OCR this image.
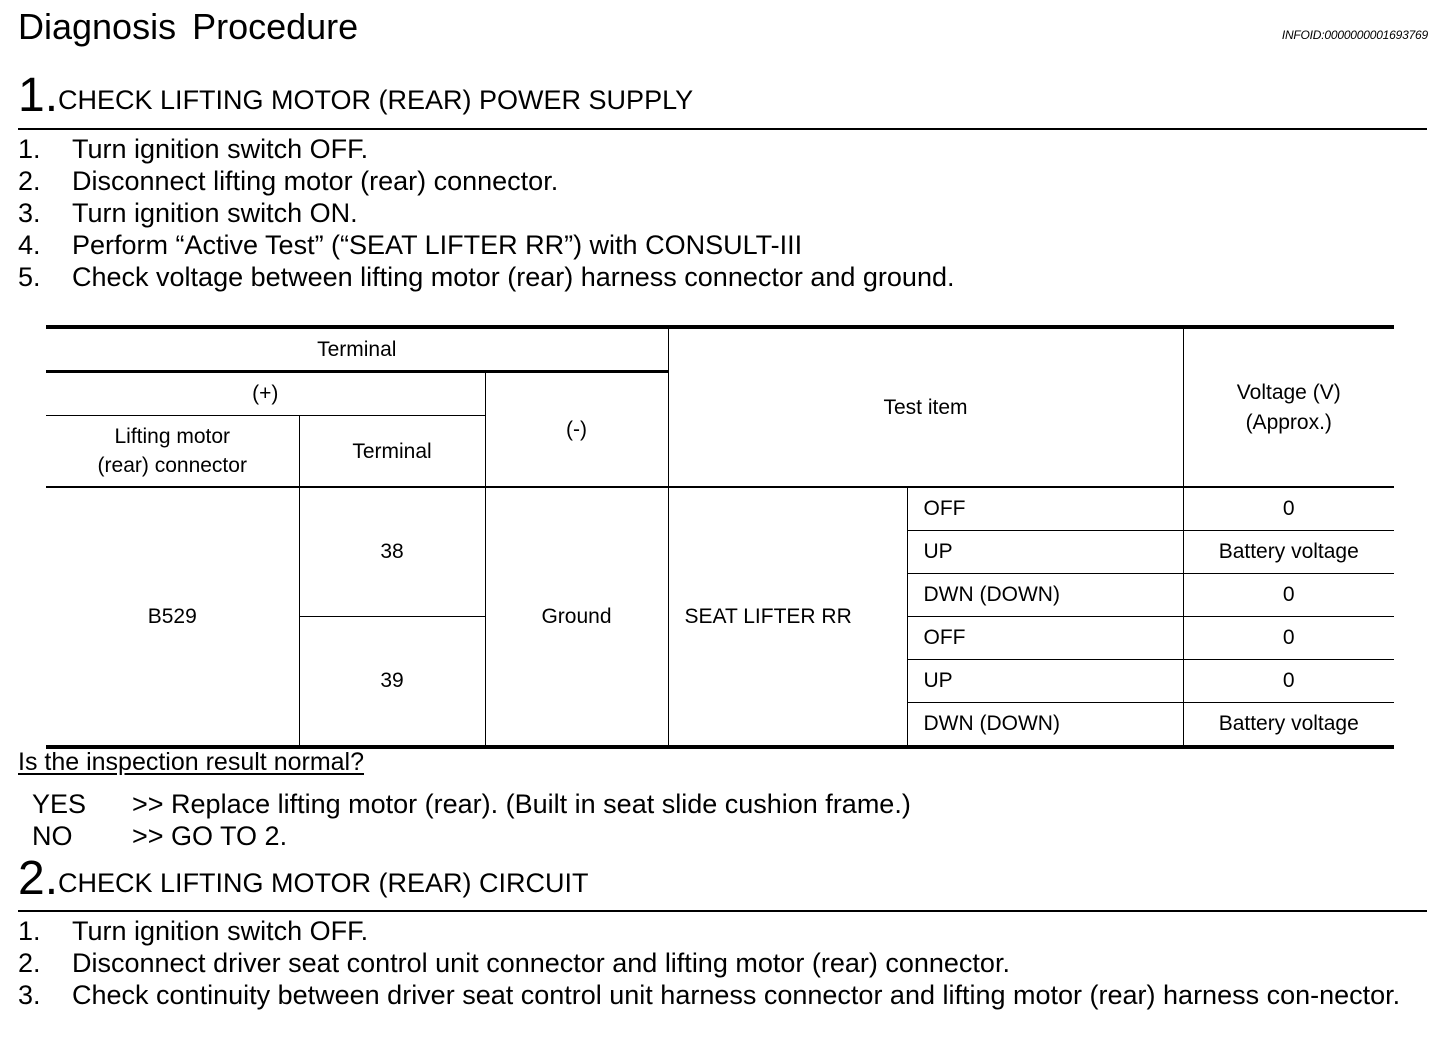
Diagnosis Procedure	INFOID:0000000001693769
1.CHECK LIFTING MOTOR (REAR) POWER SUPPLY
1. Turn ignition switch OFF.
2. Disconnect lifting motor (rear) connector.
3. Turn ignition switch ON.
4. Perform “Active Test” (“SEAT LIFTER RR”) with CONSULT-III
5. Check voltage between lifting motor (rear) harness connector and ground.
Terminal			Test item		Voltage (V)
(Approx.)
(+)		(-)			
Lifting motor (rear) connector	Terminal				
B529	38	Ground	SEAT LIFTER RR	OFF	0
				UP	Battery voltage
				DWN (DOWN)	0
	39			OFF	0
				UP	0
				DWN (DOWN)	Battery voltage
Is the inspection result normal?
YES >> Replace lifting motor (rear). (Built in seat slide cushion frame.)
NO >> GO TO 2.
2.CHECK LIFTING MOTOR (REAR) CIRCUIT
1. Turn ignition switch OFF.
2. Disconnect driver seat control unit connector and lifting motor (rear) connector.
3. Check continuity between driver seat control unit harness connector and lifting motor (rear) harness con-nector.
